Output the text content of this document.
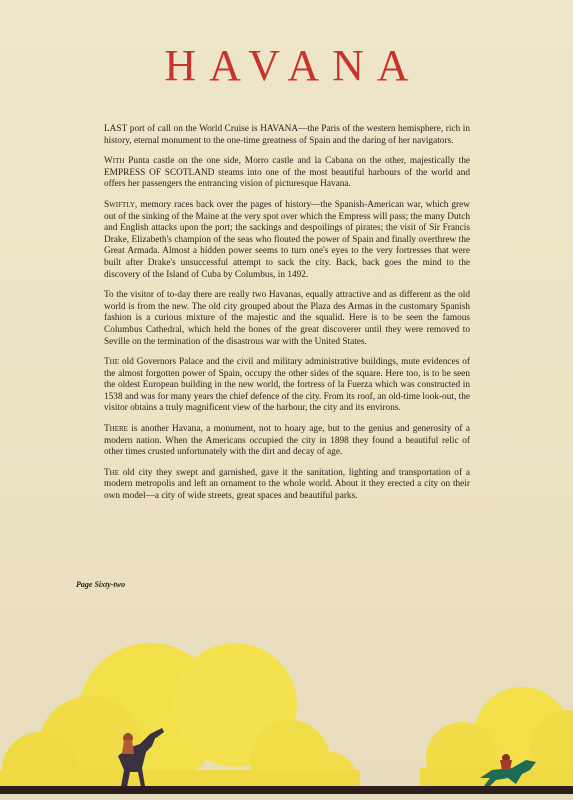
HAVANA

LAST port of call on the World Cruise is HAVANA—the Paris of the western hemisphere, rich in history, eternal monument to the one-time greatness of Spain and the daring of her navigators.

With Punta castle on the one side, Morro castle and la Cabana on the other, majestically the EMPRESS OF SCOTLAND steams into one of the most beautiful harbours of the world and offers her passengers the entrancing vision of picturesque Havana.

Swiftly, memory races back over the pages of history—the Spanish-American war, which grew out of the sinking of the Maine at the very spot over which the Empress will pass; the many Dutch and English attacks upon the port; the sackings and despoilings of pirates; the visit of Sir Francis Drake, Elizabeth's champion of the seas who flouted the power of Spain and finally overthrew the Great Armada. Almost a hidden power seems to turn one's eyes to the very fortresses that were built after Drake's unsuccessful attempt to sack the city. Back, back goes the mind to the discovery of the Island of Cuba by Columbus, in 1492.

To the visitor of to-day there are really two Havanas, equally attractive and as different as the old world is from the new. The old city grouped about the Plaza des Armas in the customary Spanish fashion is a curious mixture of the majestic and the squalid. Here is to be seen the famous Columbus Cathedral, which held the bones of the great discoverer until they were removed to Seville on the termination of the disastrous war with the United States.

The old Governors Palace and the civil and military administrative buildings, mute evidences of the almost forgotten power of Spain, occupy the other sides of the square. Here too, is to be seen the oldest European building in the new world, the fortress of la Fuerza which was constructed in 1538 and was for many years the chief defence of the city. From its roof, an old-time look-out, the visitor obtains a truly magnificent view of the harbour, the city and its environs.

There is another Havana, a monument, not to hoary age, but to the genius and generosity of a modern nation. When the Americans occupied the city in 1898 they found a beautiful relic of other times crusted unfortunately with the dirt and decay of age.

The old city they swept and garnished, gave it the sanitation, lighting and transportation of a modern metropolis and left an ornament to the whole world. About it they erected a city on their own model—a city of wide streets, great spaces and beautiful parks.

Page Sixty-two
